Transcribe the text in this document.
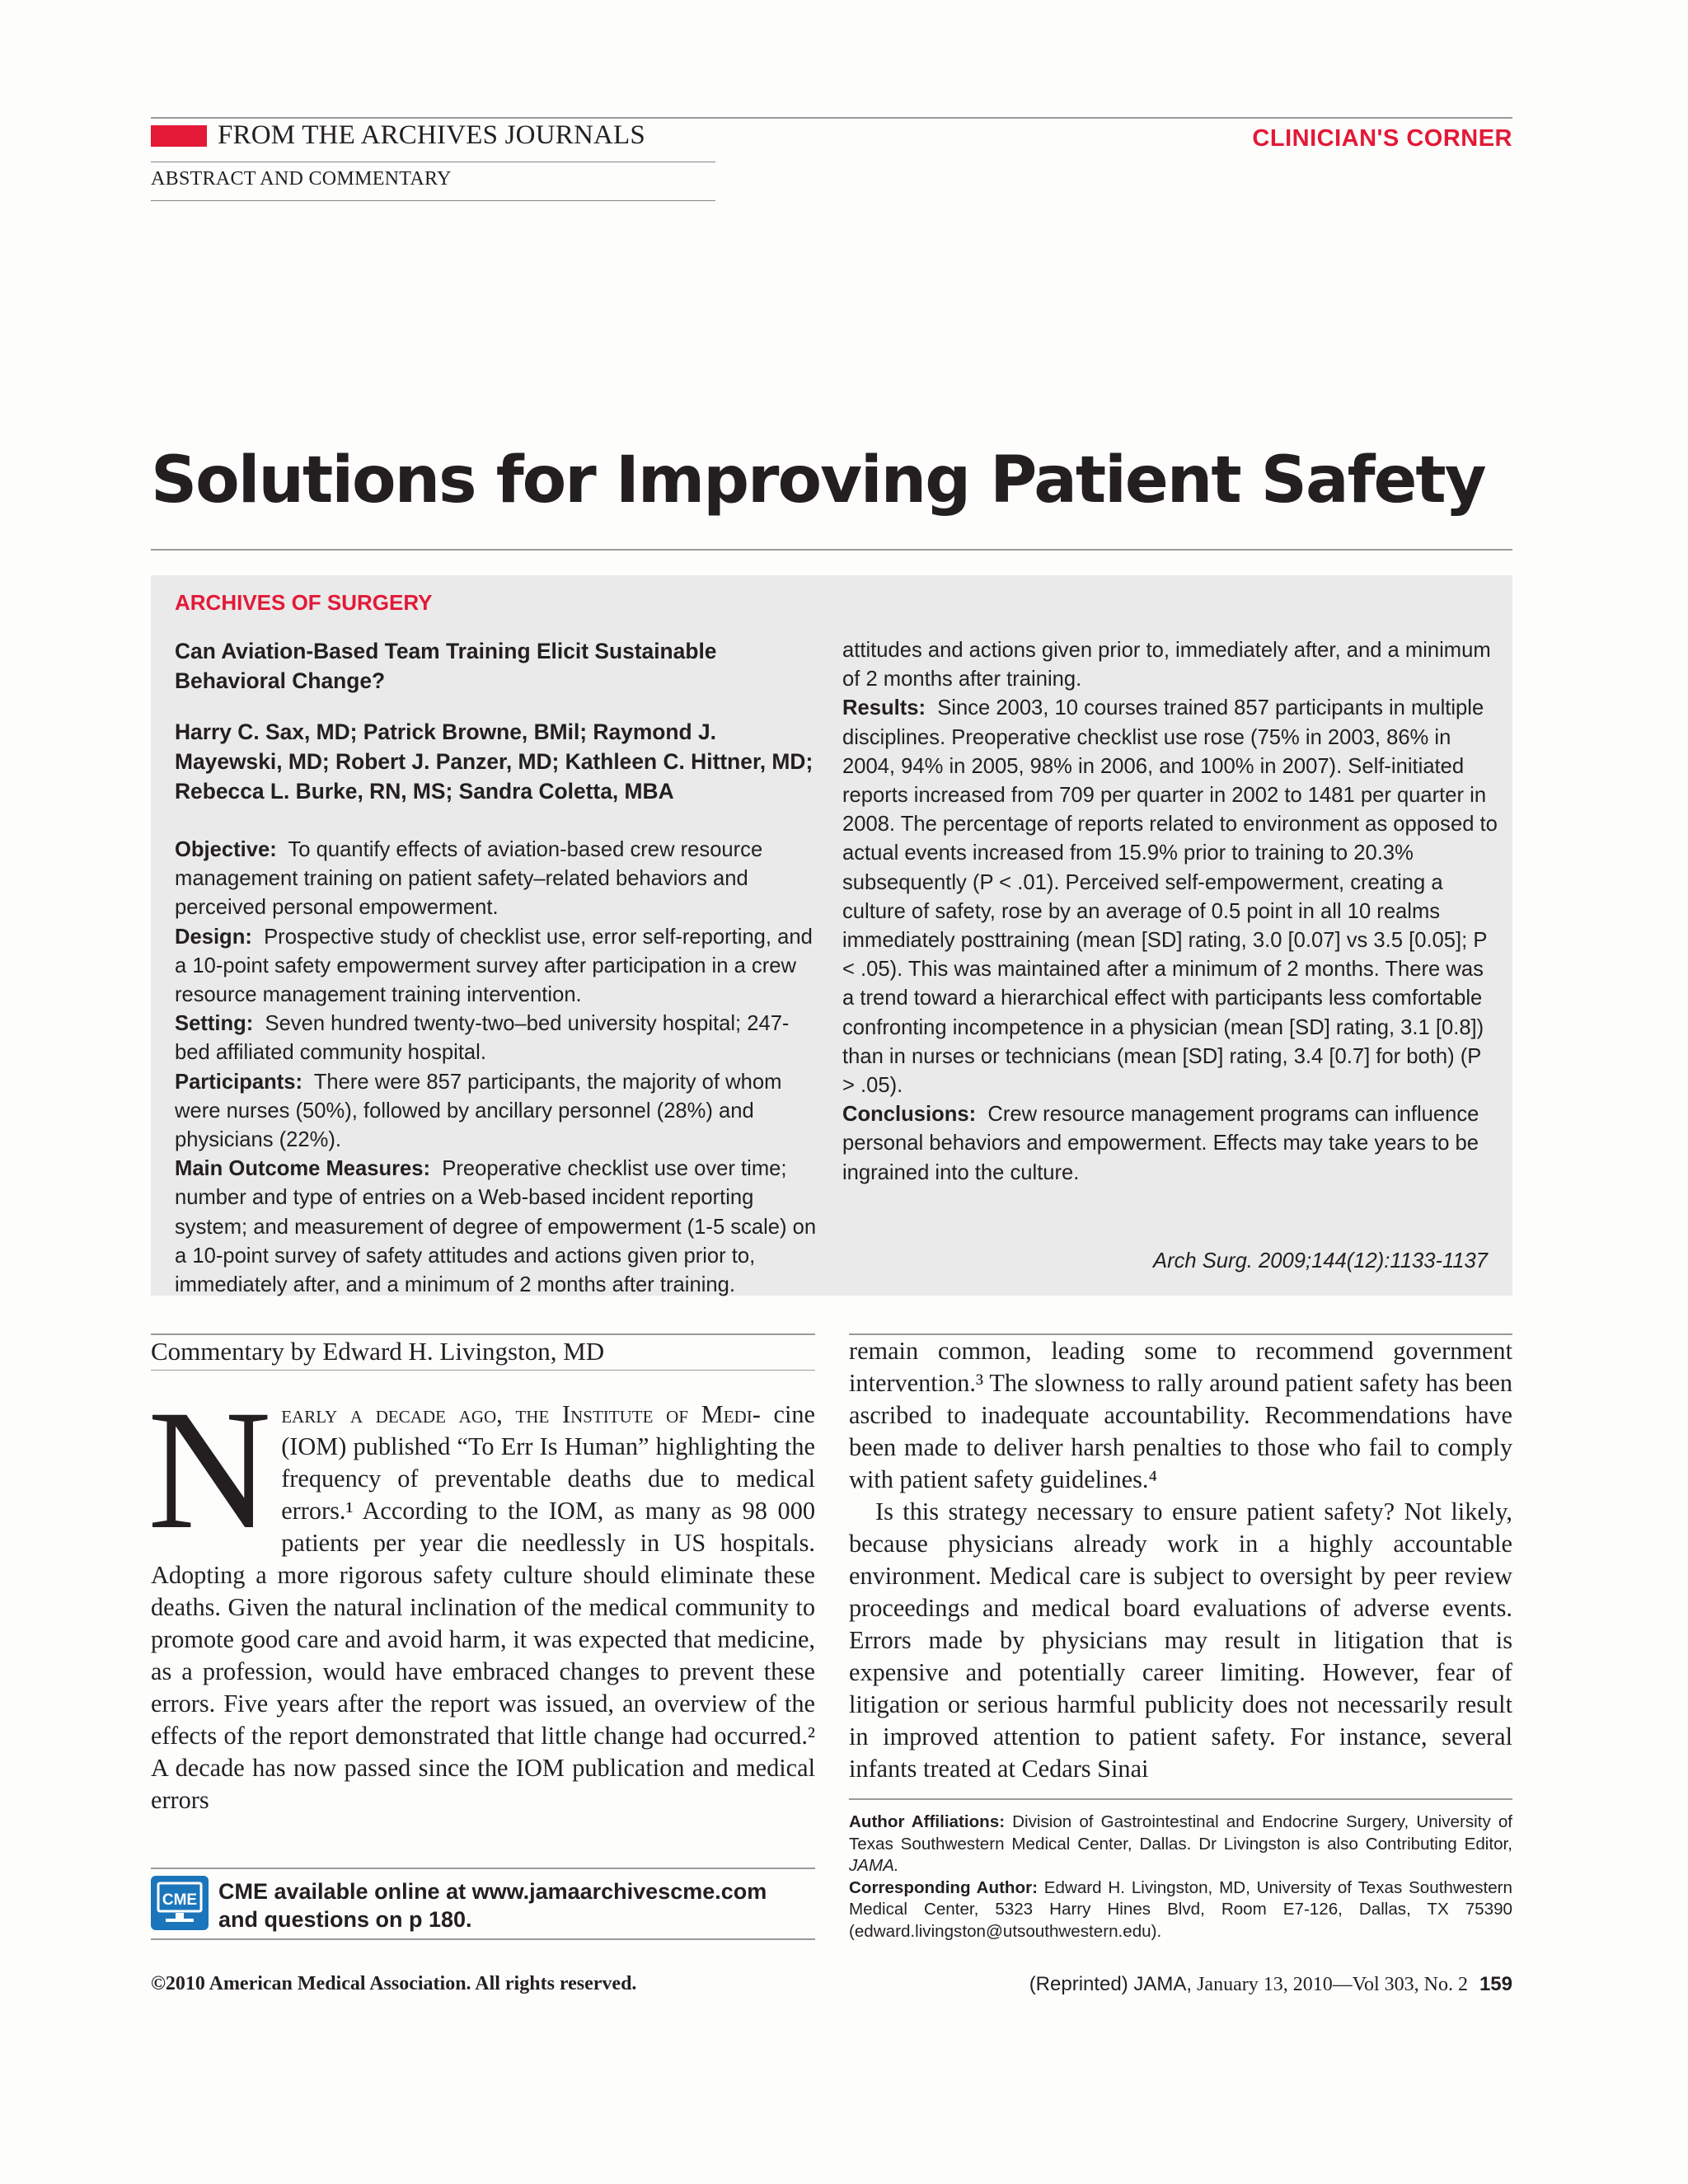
FROM THE ARCHIVES JOURNALS	CLINICIAN'S CORNER
ABSTRACT AND COMMENTARY
Solutions for Improving Patient Safety
ARCHIVES OF SURGERY

Can Aviation-Based Team Training Elicit Sustainable Behavioral Change?

Harry C. Sax, MD; Patrick Browne, BMil; Raymond J. Mayewski, MD; Robert J. Panzer, MD; Kathleen C. Hittner, MD; Rebecca L. Burke, RN, MS; Sandra Coletta, MBA

Objective: To quantify effects of aviation-based crew resource management training on patient safety–related behaviors and perceived personal empowerment.

Design: Prospective study of checklist use, error self-reporting, and a 10-point safety empowerment survey after participation in a crew resource management training intervention.

Setting: Seven hundred twenty-two–bed university hospital; 247-bed affiliated community hospital.

Participants: There were 857 participants, the majority of whom were nurses (50%), followed by ancillary personnel (28%) and physicians (22%).

Main Outcome Measures: Preoperative checklist use over time; number and type of entries on a Web-based incident reporting system; and measurement of degree of empowerment (1-5 scale) on a 10-point survey of safety attitudes and actions given prior to, immediately after, and a minimum of 2 months after training.

attitudes and actions given prior to, immediately after, and a minimum of 2 months after training.

Results: Since 2003, 10 courses trained 857 participants in multiple disciplines. Preoperative checklist use rose (75% in 2003, 86% in 2004, 94% in 2005, 98% in 2006, and 100% in 2007). Self-initiated reports increased from 709 per quarter in 2002 to 1481 per quarter in 2008. The percentage of reports related to environment as opposed to actual events increased from 15.9% prior to training to 20.3% subsequently (P < .01). Perceived self-empowerment, creating a culture of safety, rose by an average of 0.5 point in all 10 realms immediately posttraining (mean [SD] rating, 3.0 [0.07] vs 3.5 [0.05]; P < .05). This was maintained after a minimum of 2 months. There was a trend toward a hierarchical effect with participants less comfortable confronting incompetence in a physician (mean [SD] rating, 3.1 [0.8]) than in nurses or technicians (mean [SD] rating, 3.4 [0.7] for both) (P > .05).

Conclusions: Crew resource management programs can influence personal behaviors and empowerment. Effects may take years to be ingrained into the culture.

Arch Surg. 2009;144(12):1133-1137
Commentary by Edward H. Livingston, MD

Nearly a decade ago, the Institute of Medi- cine (IOM) published “To Err Is Human” highlighting the frequency of preventable deaths due to medical errors.¹ According to the IOM, as many as 98 000 patients per year die needlessly in US hospitals. Adopting a more rigorous safety culture should eliminate these deaths. Given the natural inclination of the medical community to promote good care and avoid harm, it was expected that medicine, as a profession, would have embraced changes to prevent these errors. Five years after the report was issued, an overview of the effects of the report demonstrated that little change had occurred.² A decade has now passed since the IOM publication and medical errors

remain common, leading some to recommend government intervention.³ The slowness to rally around patient safety has been ascribed to inadequate accountability. Recommendations have been made to deliver harsh penalties to those who fail to comply with patient safety guidelines.⁴

Is this strategy necessary to ensure patient safety? Not likely, because physicians already work in a highly accountable environment. Medical care is subject to oversight by peer review proceedings and medical board evaluations of adverse events. Errors made by physicians may result in litigation that is expensive and potentially career limiting. However, fear of litigation or serious harmful publicity does not necessarily result in improved attention to patient safety. For instance, several infants treated at Cedars Sinai

Author Affiliations: Division of Gastrointestinal and Endocrine Surgery, University of Texas Southwestern Medical Center, Dallas. Dr Livingston is also Contributing Editor, JAMA.

Corresponding Author: Edward H. Livingston, MD, University of Texas Southwestern Medical Center, 5323 Harry Hines Blvd, Room E7-126, Dallas, TX 75390 (edward.livingston@utsouthwestern.edu).

CME CME available online at www.jamaarchivescme.com
and questions on p 180.
©2010 American Medical Association. All rights reserved.	(Reprinted) JAMA, January 13, 2010—Vol 303, No. 2 159
